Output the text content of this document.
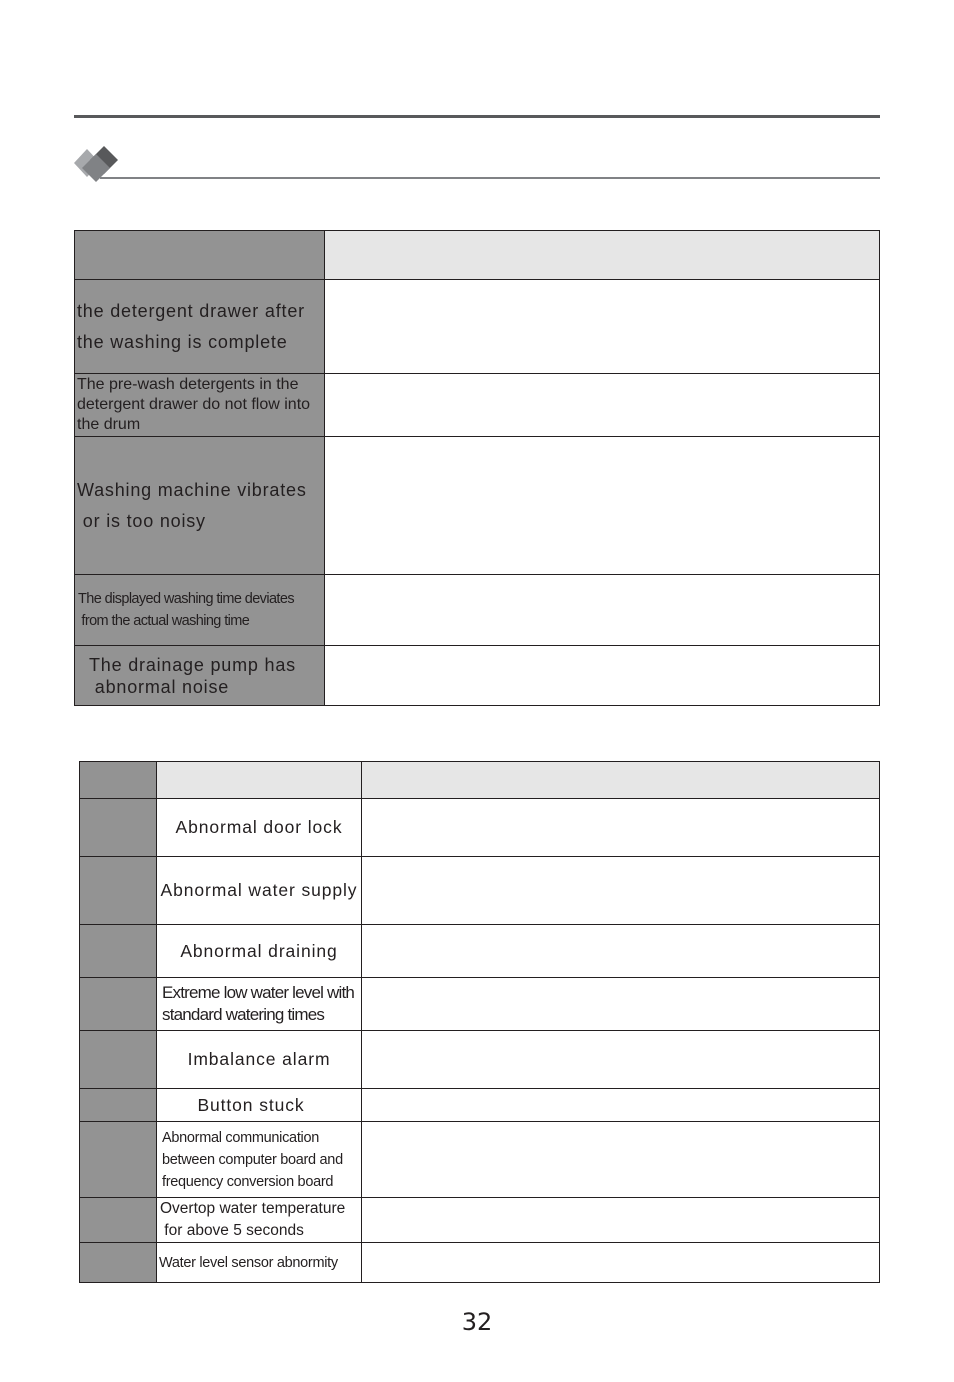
the detergent drawer after
the washing is complete	

The pre-wash detergents in the
detergent drawer do not flow into
the drum	

Washing machine vibrates
or is too noisy	

The displayed washing time deviates
from the actual washing time	

The drainage pump has
abnormal noise	

	Abnormal door lock	

	Abnormal water supply	

	Abnormal draining	

	Extreme low water level with
standard watering times	

	Imbalance alarm	

	Button stuck	

	Abnormal communication
between computer board and
frequency conversion board	

	Overtop water temperature
for above 5 seconds	

	Water level sensor abnormity	

32
